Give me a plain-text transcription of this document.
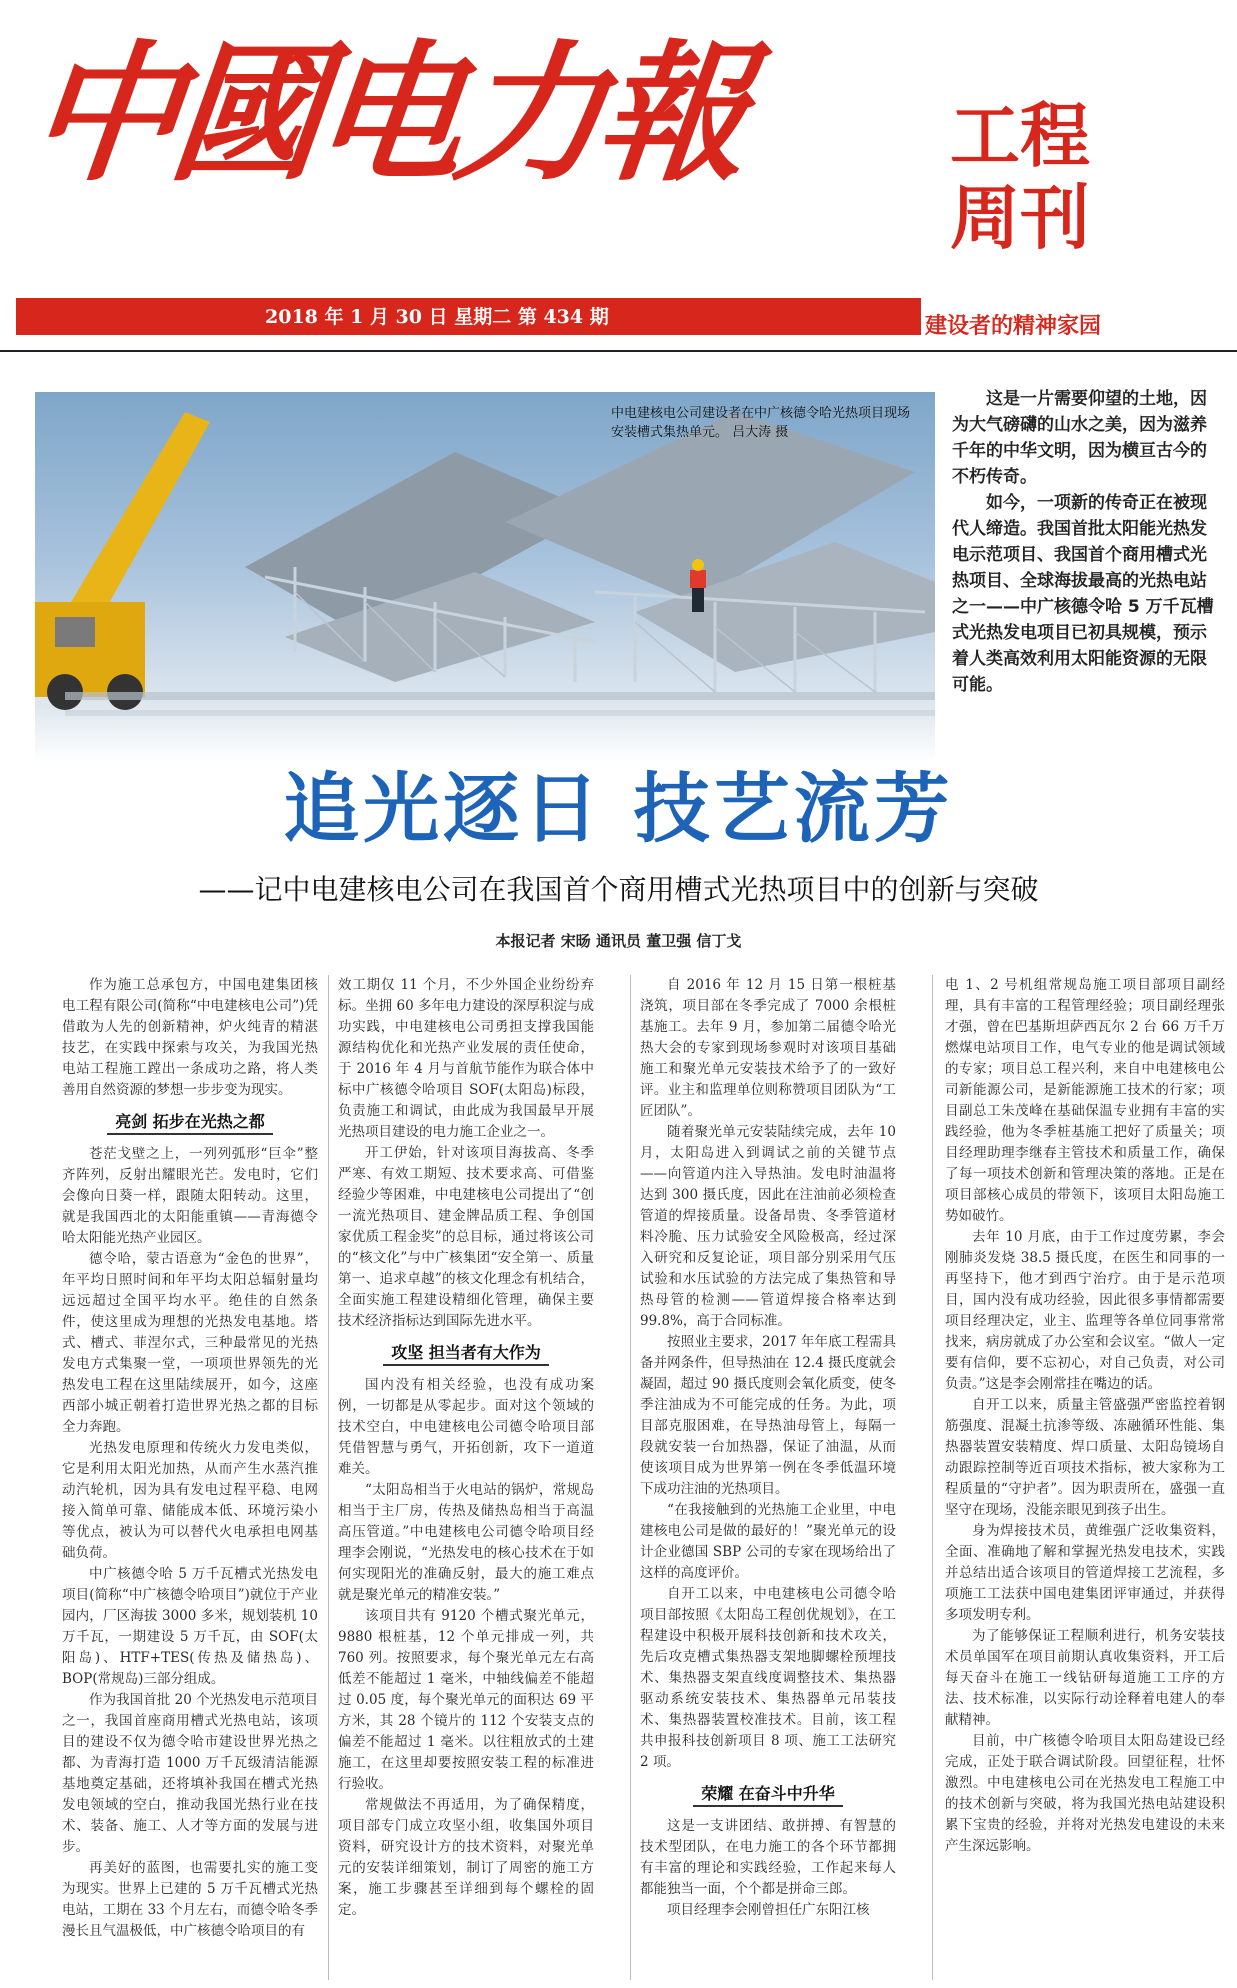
中國电力報	工程
周刊
2018 年 1 月 30 日 星期二 第 434 期	建设者的精神家园
中电建核电公司建设者在中广核德令哈光热项目现场安装槽式集热单元。 吕大涛 摄

这是一片需要仰望的土地，因为大气磅礴的山水之美，因为滋养千年的中华文明，因为横亘古今的不朽传奇。

如今，一项新的传奇正在被现代人缔造。我国首批太阳能光热发电示范项目、我国首个商用槽式光热项目、全球海拔最高的光热电站之一——中广核德令哈 5 万千瓦槽式光热发电项目已初具规模，预示着人类高效利用太阳能资源的无限可能。

追光逐日 技艺流芳
——记中电建核电公司在我国首个商用槽式光热项目中的创新与突破
本报记者 宋旸 通讯员 董卫强 信丁戈

作为施工总承包方，中国电建集团核电工程有限公司(简称“中电建核电公司”)凭借敢为人先的创新精神，炉火纯青的精湛技艺，在实践中探索与攻关，为我国光热电站工程施工蹚出一条成功之路，将人类善用自然资源的梦想一步步变为现实。

亮剑 拓步在光热之都

苍茫戈壁之上，一列列弧形“巨伞”整齐阵列，反射出耀眼光芒。发电时，它们会像向日葵一样，跟随太阳转动。这里，就是我国西北的太阳能重镇——青海德令哈太阳能光热产业园区。

德令哈，蒙古语意为“金色的世界”，年平均日照时间和年平均太阳总辐射量均远远超过全国平均水平。绝佳的自然条件，使这里成为理想的光热发电基地。塔式、槽式、菲涅尔式，三种最常见的光热发电方式集聚一堂，一项项世界领先的光热发电工程在这里陆续展开，如今，这座西部小城正朝着打造世界光热之都的目标全力奔跑。

光热发电原理和传统火力发电类似，它是利用太阳光加热，从而产生水蒸汽推动汽轮机，因为具有发电过程平稳、电网接入简单可靠、储能成本低、环境污染小等优点，被认为可以替代火电承担电网基础负荷。

中广核德令哈 5 万千瓦槽式光热发电项目(简称“中广核德令哈项目”)就位于产业园内，厂区海拔 3000 多米，规划装机 10 万千瓦，一期建设 5 万千瓦，由 SOF(太阳岛)、HTF+TES(传热及储热岛)、BOP(常规岛)三部分组成。

作为我国首批 20 个光热发电示范项目之一，我国首座商用槽式光热电站，该项目的建设不仅为德令哈市建设世界光热之都、为青海打造 1000 万千瓦级清洁能源基地奠定基础，还将填补我国在槽式光热发电领域的空白，推动我国光热行业在技术、装备、施工、人才等方面的发展与进步。

再美好的蓝图，也需要扎实的施工变为现实。世界上已建的 5 万千瓦槽式光热电站，工期在 33 个月左右，而德令哈冬季漫长且气温极低，中广核德令哈项目的有

效工期仅 11 个月，不少外国企业纷纷弃标。坐拥 60 多年电力建设的深厚积淀与成功实践，中电建核电公司勇担支撑我国能源结构优化和光热产业发展的责任使命，于 2016 年 4 月与首航节能作为联合体中标中广核德令哈项目 SOF(太阳岛)标段，负责施工和调试，由此成为我国最早开展光热项目建设的电力施工企业之一。

开工伊始，针对该项目海拔高、冬季严寒、有效工期短、技术要求高、可借鉴经验少等困难，中电建核电公司提出了“创一流光热项目、建金牌品质工程、争创国家优质工程金奖”的总目标，通过将该公司的“核文化”与中广核集团“安全第一、质量第一、追求卓越”的核文化理念有机结合，全面实施工程建设精细化管理，确保主要技术经济指标达到国际先进水平。

攻坚 担当者有大作为

国内没有相关经验，也没有成功案例，一切都是从零起步。面对这个领域的技术空白，中电建核电公司德令哈项目部凭借智慧与勇气，开拓创新，攻下一道道难关。

“太阳岛相当于火电站的锅炉，常规岛相当于主厂房，传热及储热岛相当于高温高压管道。”中电建核电公司德令哈项目经理李会刚说，“光热发电的核心技术在于如何实现阳光的准确反射，最大的施工难点就是聚光单元的精准安装。”

该项目共有 9120 个槽式聚光单元，9880 根桩基，12 个单元排成一列，共 760 列。按照要求，每个聚光单元左右高低差不能超过 1 毫米，中轴线偏差不能超过 0.05 度，每个聚光单元的面积达 69 平方米，其 28 个镜片的 112 个安装支点的偏差不能超过 1 毫米。以往粗放式的土建施工，在这里却要按照安装工程的标准进行验收。

常规做法不再适用，为了确保精度，项目部专门成立攻坚小组，收集国外项目资料，研究设计方的技术资料，对聚光单元的安装详细策划，制订了周密的施工方案，施工步骤甚至详细到每个螺栓的固定。

自 2016 年 12 月 15 日第一根桩基浇筑，项目部在冬季完成了 7000 余根桩基施工。去年 9 月，参加第二届德令哈光热大会的专家到现场参观时对该项目基础施工和聚光单元安装技术给予了的一致好评。业主和监理单位则称赞项目团队为“工匠团队”。

随着聚光单元安装陆续完成，去年 10 月，太阳岛进入到调试之前的关键节点——向管道内注入导热油。发电时油温将达到 300 摄氏度，因此在注油前必须检查管道的焊接质量。设备昂贵、冬季管道材料冷脆、压力试验安全风险极高，经过深入研究和反复论证，项目部分别采用气压试验和水压试验的方法完成了集热管和导热母管的检测——管道焊接合格率达到 99.8%，高于合同标准。

按照业主要求，2017 年年底工程需具备并网条件，但导热油在 12.4 摄氏度就会凝固，超过 90 摄氏度则会氧化质变，使冬季注油成为不可能完成的任务。为此，项目部克服困难，在导热油母管上，每隔一段就安装一台加热器，保证了油温，从而使该项目成为世界第一例在冬季低温环境下成功注油的光热项目。

“在我接触到的光热施工企业里，中电建核电公司是做的最好的！”聚光单元的设计企业德国 SBP 公司的专家在现场给出了这样的高度评价。

自开工以来，中电建核电公司德令哈项目部按照《太阳岛工程创优规划》，在工程建设中积极开展科技创新和技术攻关，先后攻克槽式集热器支架地脚螺栓预埋技术、集热器支架直线度调整技术、集热器驱动系统安装技术、集热器单元吊装技术、集热器装置校准技术。目前，该工程共申报科技创新项目 8 项、施工工法研究 2 项。

荣耀 在奋斗中升华

这是一支讲团结、敢拼搏、有智慧的技术型团队，在电力施工的各个环节都拥有丰富的理论和实践经验，工作起来每人都能独当一面，个个都是拼命三郎。

项目经理李会刚曾担任广东阳江核

电 1、2 号机组常规岛施工项目部项目副经理，具有丰富的工程管理经验；项目副经理张才强，曾在巴基斯坦萨西瓦尔 2 台 66 万千万燃煤电站项目工作，电气专业的他是调试领域的专家；项目总工程兴利，来自中电建核电公司新能源公司，是新能源施工技术的行家；项目副总工朱茂峰在基础保温专业拥有丰富的实践经验，他为冬季桩基施工把好了质量关；项目经理助理李继春主管技术和质量工作，确保了每一项技术创新和管理决策的落地。正是在项目部核心成员的带领下，该项目太阳岛施工势如破竹。

去年 10 月底，由于工作过度劳累，李会刚肺炎发烧 38.5 摄氏度，在医生和同事的一再坚持下，他才到西宁治疗。由于是示范项目，国内没有成功经验，因此很多事情都需要项目经理决定，业主、监理等各单位同事常常找来，病房就成了办公室和会议室。“做人一定要有信仰，要不忘初心，对自己负责，对公司负责。”这是李会刚常挂在嘴边的话。

自开工以来，质量主管盛强严密监控着钢筋强度、混凝土抗渗等级、冻融循环性能、集热器装置安装精度、焊口质量、太阳岛镜场自动跟踪控制等近百项技术指标，被大家称为工程质量的“守护者”。因为职责所在，盛强一直坚守在现场，没能亲眼见到孩子出生。

身为焊接技术员，黄维强广泛收集资料，全面、准确地了解和掌握光热发电技术，实践并总结出适合该项目的管道焊接工艺流程，多项施工工法获中国电建集团评审通过，并获得多项发明专利。

为了能够保证工程顺利进行，机务安装技术员单国军在项目前期认真收集资料，开工后每天奋斗在施工一线钻研每道施工工序的方法、技术标准，以实际行动诠释着电建人的奉献精神。

目前，中广核德令哈项目太阳岛建设已经完成，正处于联合调试阶段。回望征程，壮怀激烈。中电建核电公司在光热发电工程施工中的技术创新与突破，将为我国光热电站建设积累下宝贵的经验，并将对光热发电建设的未来产生深远影响。
